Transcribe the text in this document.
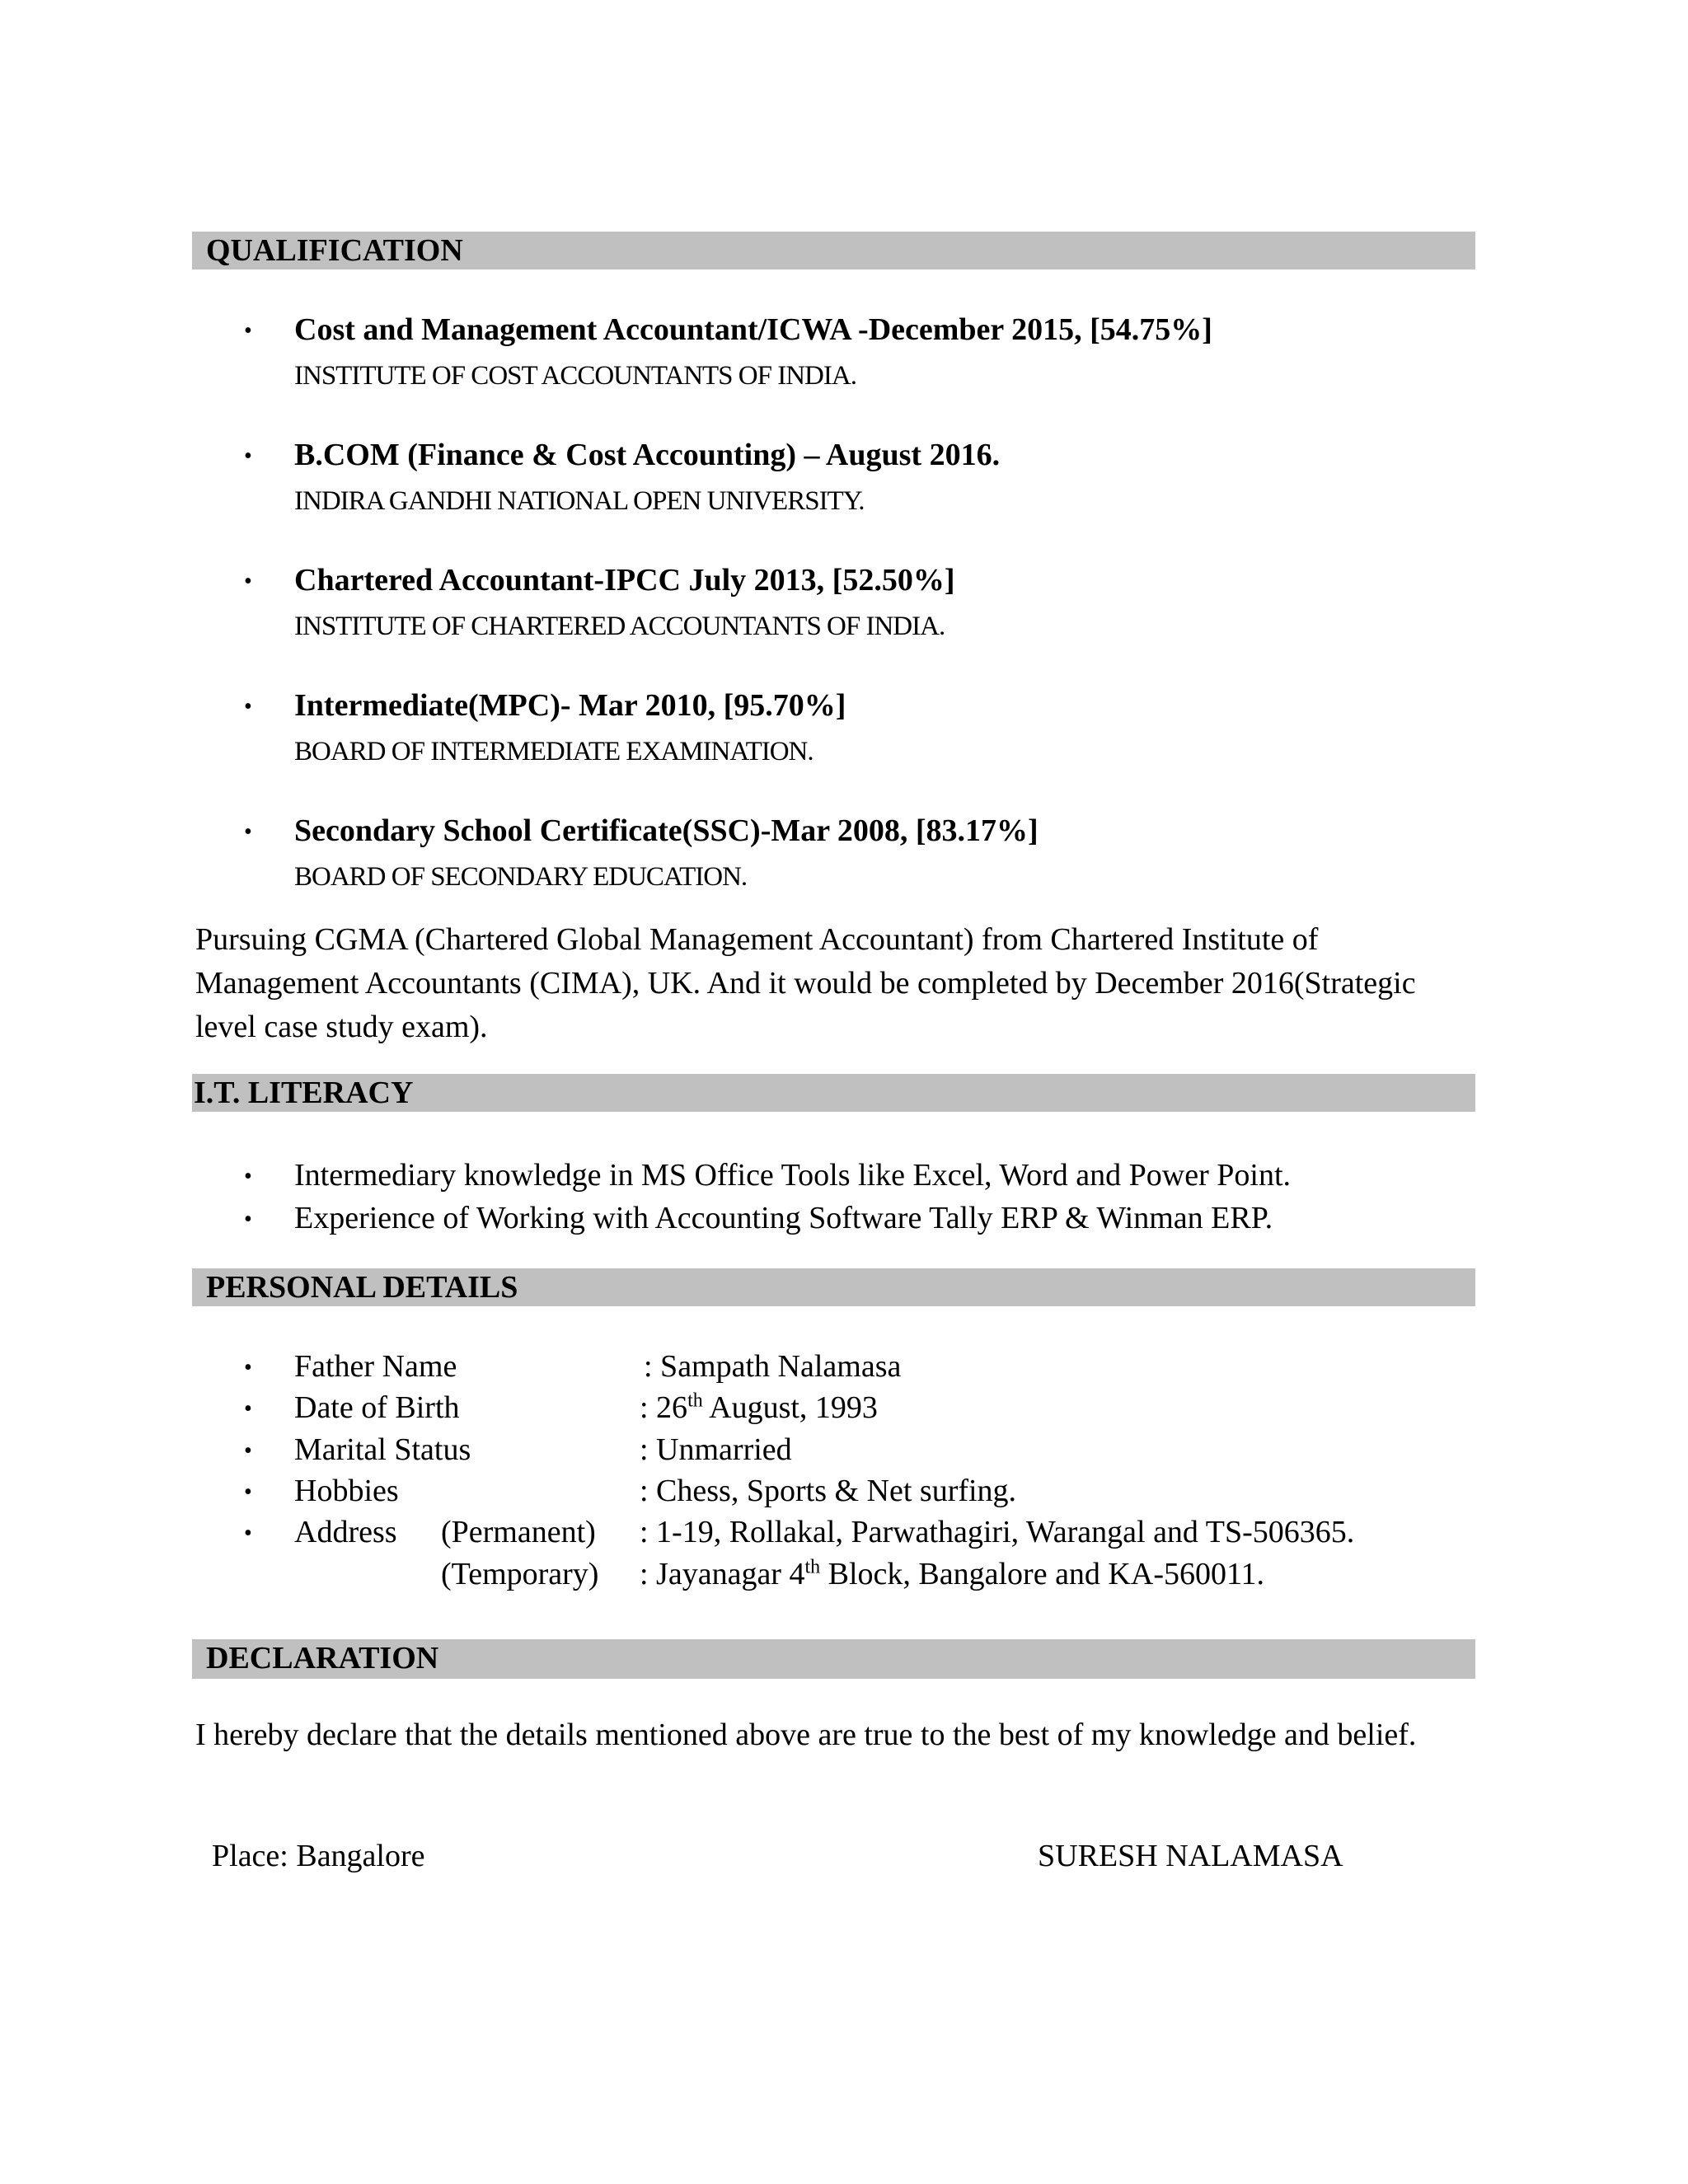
QUALIFICATION
• Cost and Management Accountant/ICWA -December 2015, [54.75%]
INSTITUTE OF COST ACCOUNTANTS OF INDIA.
• B.COM (Finance & Cost Accounting) – August 2016.
INDIRA GANDHI NATIONAL OPEN UNIVERSITY.
• Chartered Accountant-IPCC July 2013, [52.50%]
INSTITUTE OF CHARTERED ACCOUNTANTS OF INDIA.
• Intermediate(MPC)- Mar 2010, [95.70%]
BOARD OF INTERMEDIATE EXAMINATION.
• Secondary School Certificate(SSC)-Mar 2008, [83.17%]
BOARD OF SECONDARY EDUCATION.
Pursuing CGMA (Chartered Global Management Accountant) from Chartered Institute of Management Accountants (CIMA), UK. And it would be completed by December 2016(Strategic level case study exam).
I.T. LITERACY
• Intermediary knowledge in MS Office Tools like Excel, Word and Power Point.
• Experience of Working with Accounting Software Tally ERP & Winman ERP.
PERSONAL DETAILS
• Father Name	: Sampath Nalamasa
• Date of Birth	: 26th August, 1993
• Marital Status	: Unmarried
• Hobbies	: Chess, Sports & Net surfing.
• Address (Permanent) : 1-19, Rollakal, Parwathagiri, Warangal and TS-506365.
(Temporary) : Jayanagar 4th Block, Bangalore and KA-560011.
DECLARATION
I hereby declare that the details mentioned above are true to the best of my knowledge and belief.
Place: Bangalore	SURESH NALAMASA
